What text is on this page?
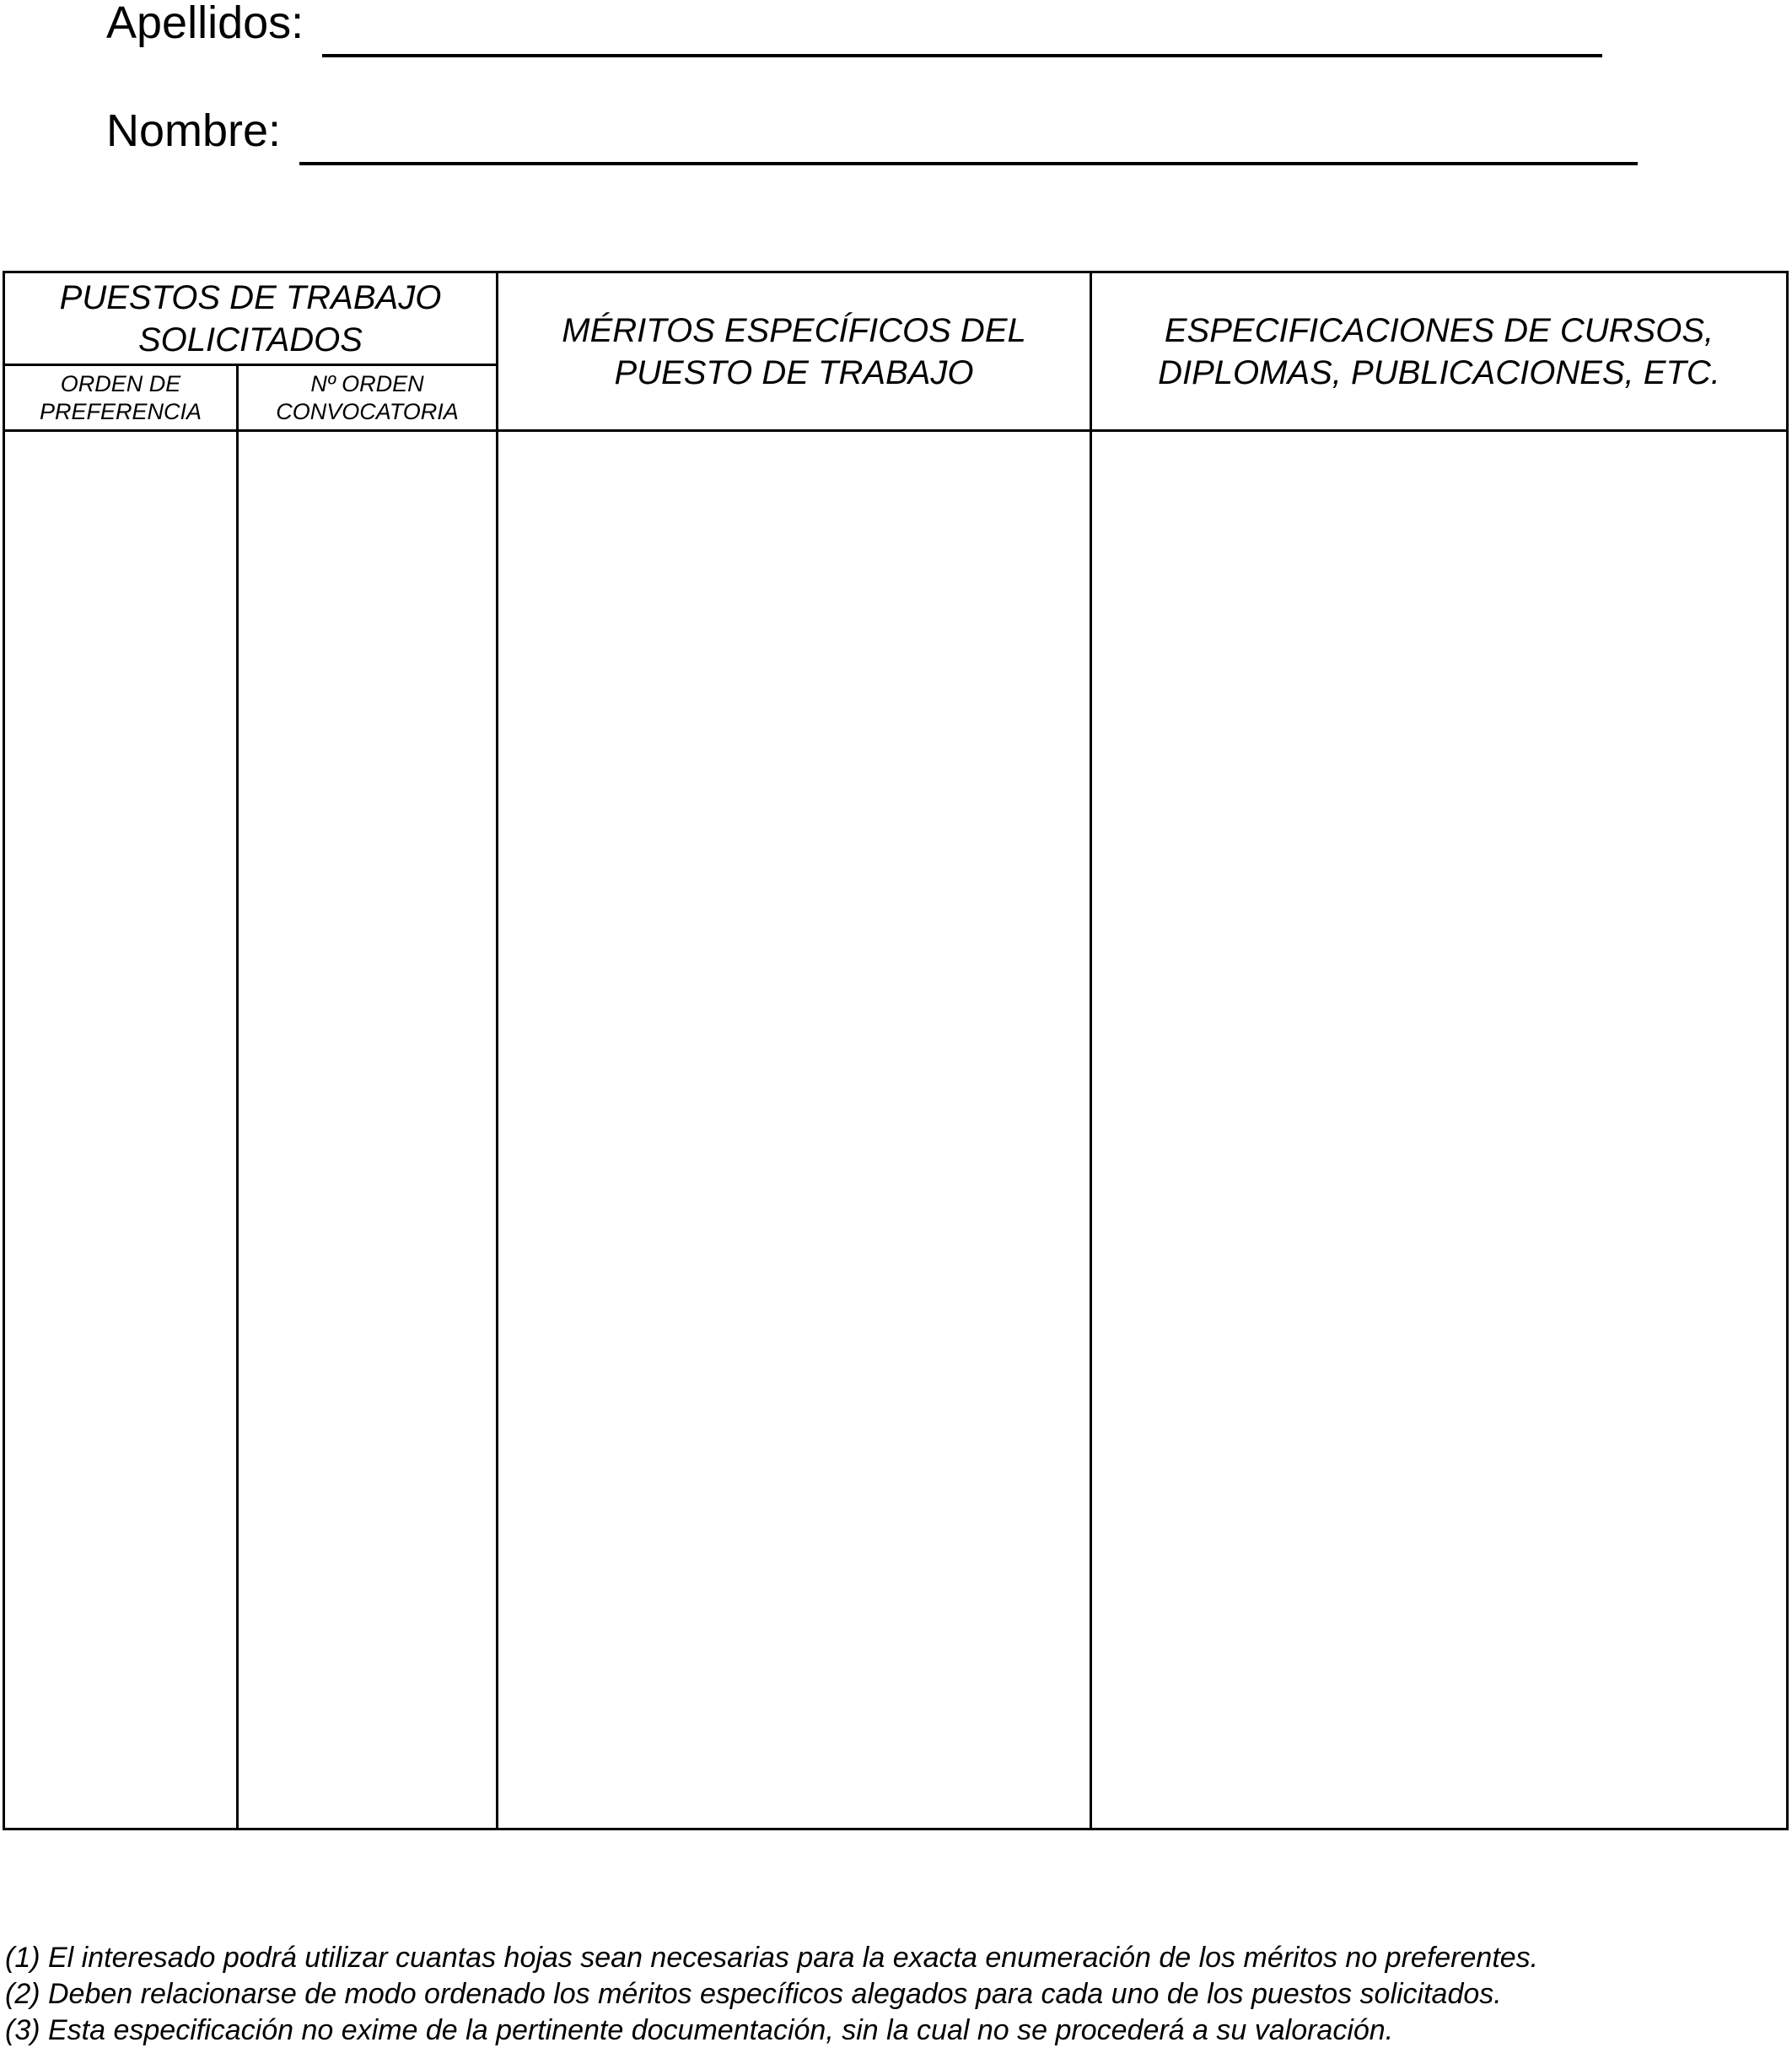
Apellidos:
Nombre:
PUESTOS DE TRABAJO SOLICITADOS
ORDEN DE PREFERENCIA
Nº ORDEN CONVOCATORIA
MÉRITOS ESPECÍFICOS DEL PUESTO DE TRABAJO
ESPECIFICACIONES DE CURSOS, DIPLOMAS, PUBLICACIONES, ETC.
(1) El interesado podrá utilizar cuantas hojas sean necesarias para la exacta enumeración de los méritos no preferentes.
(2) Deben relacionarse de modo ordenado los méritos específicos alegados para cada uno de los puestos solicitados.
(3) Esta especificación no exime de la pertinente documentación, sin la cual no se procederá a su valoración.
